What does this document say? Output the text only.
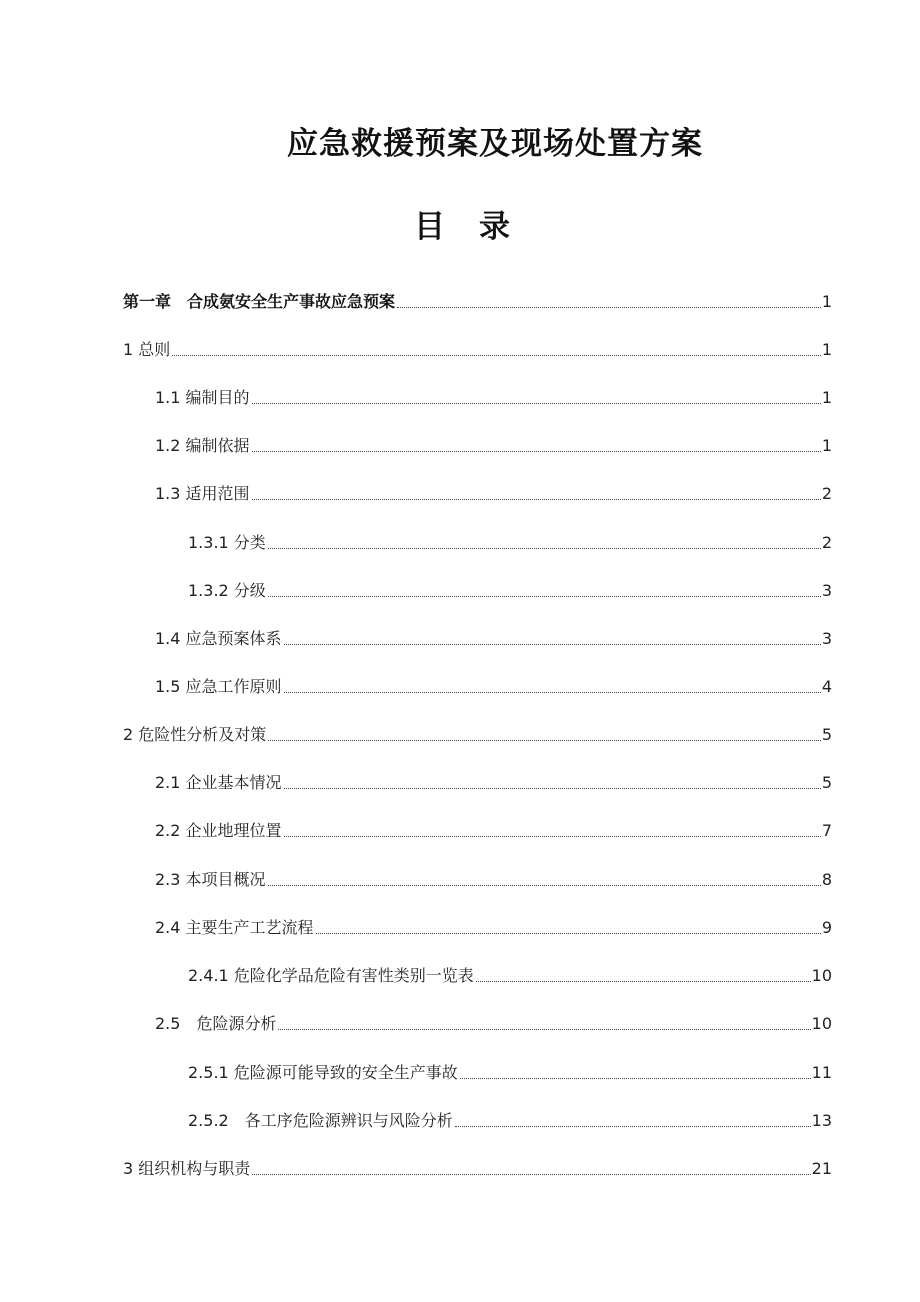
应急救援预案及现场处置方案
目录
第一章　合成氨安全生产事故应急预案	1
1 总则	1
1.1 编制目的	1
1.2 编制依据	1
1.3 适用范围	2
1.3.1 分类	2
1.3.2 分级	3
1.4 应急预案体系	3
1.5 应急工作原则	4
2 危险性分析及对策	5
2.1 企业基本情况	5
2.2 企业地理位置	7
2.3 本项目概况	8
2.4 主要生产工艺流程	9
2.4.1 危险化学品危险有害性类别一览表	10
2.5　危险源分析	10
2.5.1 危险源可能导致的安全生产事故	11
2.5.2　各工序危险源辨识与风险分析	13
3 组织机构与职责	21
